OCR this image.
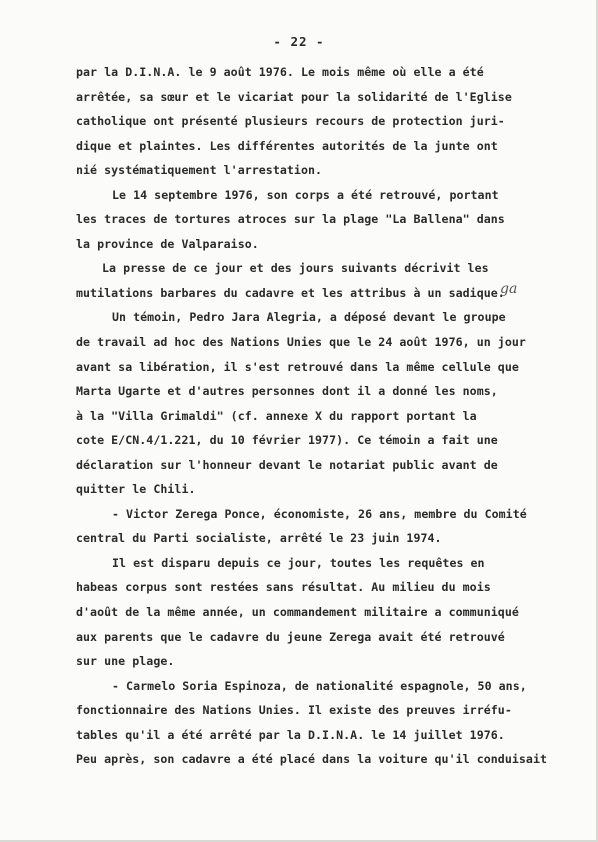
- 22 -
ga
par la D.I.N.A. le 9 août 1976. Le mois même où elle a été
arrêtée, sa sœur et le vicariat pour la solidarité de l'Eglise
catholique ont présenté plusieurs recours de protection juri-
dique et plaintes. Les différentes autorités de la junte ont
nié systématiquement l'arrestation.
Le 14 septembre 1976, son corps a été retrouvé, portant
les traces de tortures atroces sur la plage "La Ballena" dans
la province de Valparaiso.
La presse de ce jour et des jours suivants décrivit les
mutilations barbares du cadavre et les attribus à un sadique.
Un témoin, Pedro Jara Alegria, a déposé devant le groupe
de travail ad hoc des Nations Unies que le 24 août 1976, un jour
avant sa libération, il s'est retrouvé dans la même cellule que
Marta Ugarte et d'autres personnes dont il a donné les noms,
à la "Villa Grimaldi" (cf. annexe X du rapport portant la
cote E/CN.4/1.221, du 10 février 1977). Ce témoin a fait une
déclaration sur l'honneur devant le notariat public avant de
quitter le Chili.
- Victor Zerega Ponce, économiste, 26 ans, membre du Comité
central du Parti socialiste, arrêté le 23 juin 1974.
Il est disparu depuis ce jour, toutes les requêtes en
habeas corpus sont restées sans résultat. Au milieu du mois
d'août de la même année, un commandement militaire a communiqué
aux parents que le cadavre du jeune Zerega avait été retrouvé
sur une plage.
- Carmelo Soria Espinoza, de nationalité espagnole, 50 ans,
fonctionnaire des Nations Unies. Il existe des preuves irréfu-
tables qu'il a été arrêté par la D.I.N.A. le 14 juillet 1976.
Peu après, son cadavre a été placé dans la voiture qu'il conduisait
